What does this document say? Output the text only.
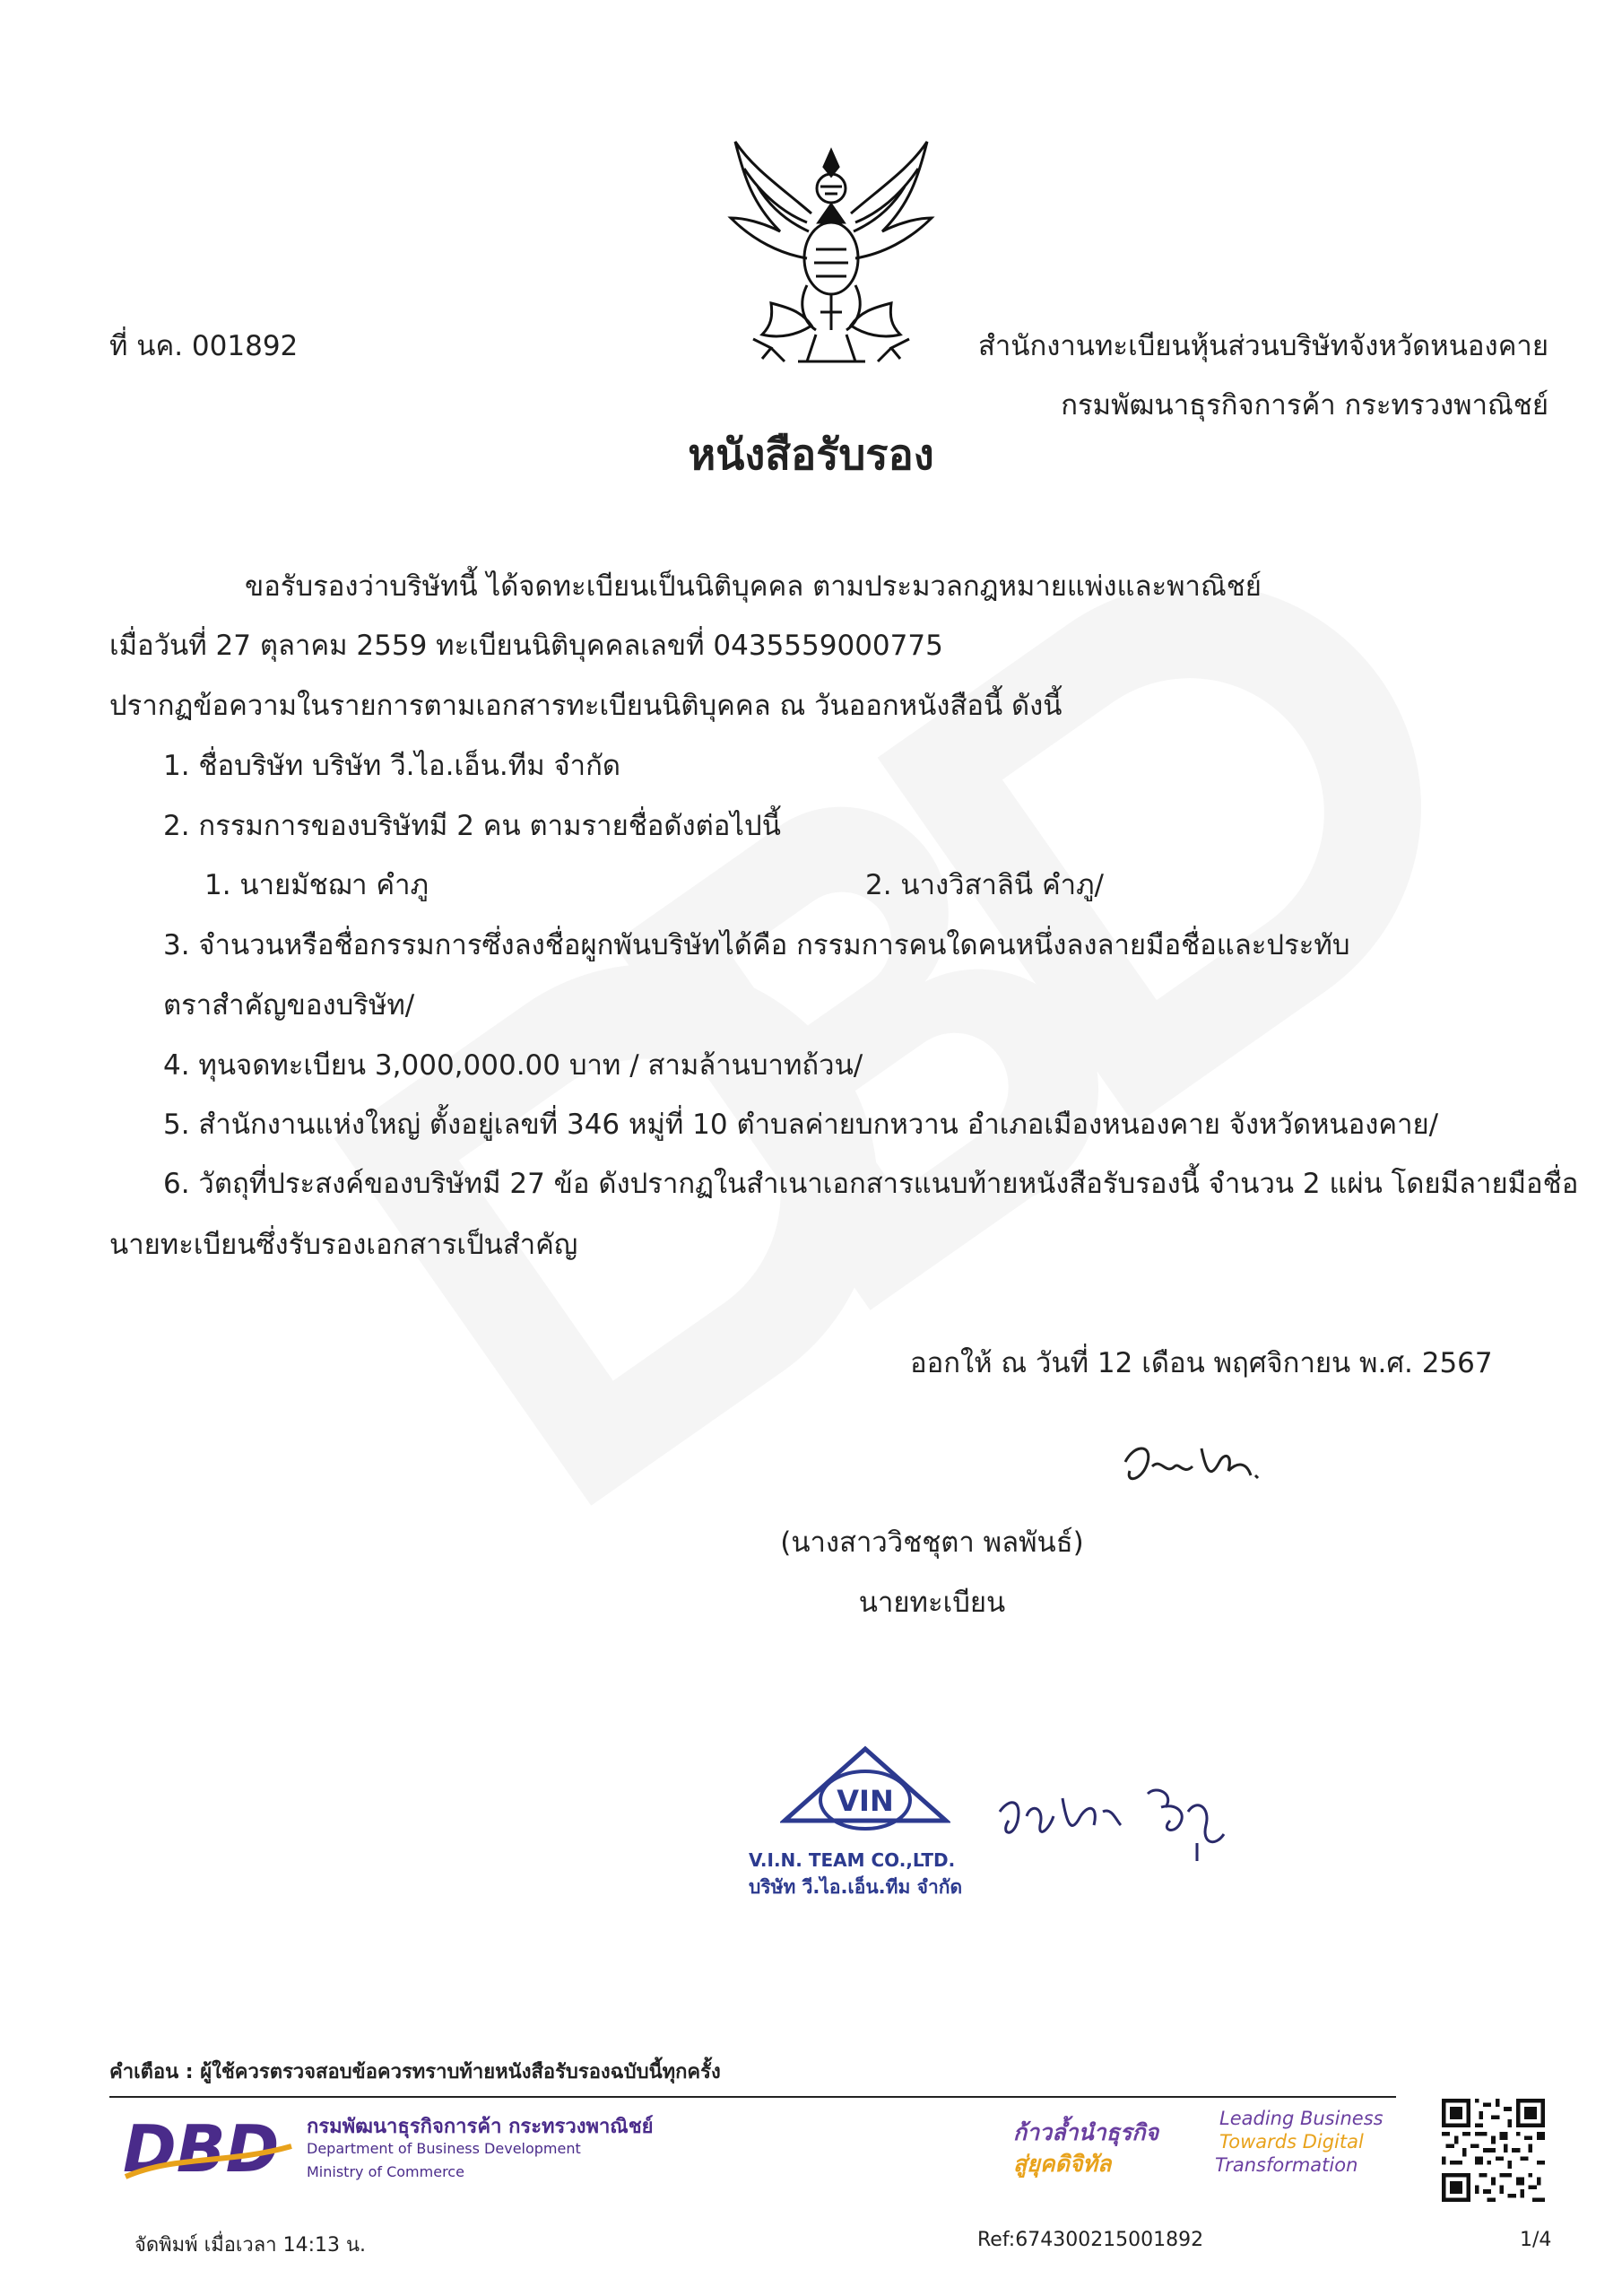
ที่ นค. 001892	สำนักงานทะเบียนหุ้นส่วนบริษัทจังหวัดหนองคาย
กรมพัฒนาธุรกิจการค้า กระทรวงพาณิชย์
หนังสือรับรอง
ขอรับรองว่าบริษัทนี้ ได้จดทะเบียนเป็นนิติบุคคล ตามประมวลกฎหมายแพ่งและพาณิชย์
เมื่อวันที่ 27 ตุลาคม 2559 ทะเบียนนิติบุคคลเลขที่ 0435559000775
ปรากฏข้อความในรายการตามเอกสารทะเบียนนิติบุคคล ณ วันออกหนังสือนี้ ดังนี้
1. ชื่อบริษัท บริษัท วี.ไอ.เอ็น.ทีม จำกัด
2. กรรมการของบริษัทมี 2 คน ตามรายชื่อดังต่อไปนี้
1. นายมัชฌา คำภู	2. นางวิสาลินี คำภู/
3. จำนวนหรือชื่อกรรมการซึ่งลงชื่อผูกพันบริษัทได้คือ กรรมการคนใดคนหนึ่งลงลายมือชื่อและประทับ
ตราสำคัญของบริษัท/
4. ทุนจดทะเบียน 3,000,000.00 บาท / สามล้านบาทถ้วน/
5. สำนักงานแห่งใหญ่ ตั้งอยู่เลขที่ 346 หมู่ที่ 10 ตำบลค่ายบกหวาน อำเภอเมืองหนองคาย จังหวัดหนองคาย/
6. วัตถุที่ประสงค์ของบริษัทมี 27 ข้อ ดังปรากฏในสำเนาเอกสารแนบท้ายหนังสือรับรองนี้ จำนวน 2 แผ่น โดยมีลายมือชื่อ
นายทะเบียนซึ่งรับรองเอกสารเป็นสำคัญ
ออกให้ ณ วันที่ 12 เดือน พฤศจิกายน พ.ศ. 2567
(นางสาววิชชุตา พลพันธ์)
นายทะเบียน
VIN
V.I.N. TEAM CO.,LTD.
บริษัท วี.ไอ.เอ็น.ทีม จำกัด
คำเตือน : ผู้ใช้ควรตรวจสอบข้อควรทราบท้ายหนังสือรับรองฉบับนี้ทุกครั้ง
DBD กรมพัฒนาธุรกิจการค้า กระทรวงพาณิชย์
Department of Business Development
Ministry of Commerce
ก้าวล้ำนำธุรกิจ
สู่ยุคดิจิทัล
Leading Business
Towards Digital
Transformation
จัดพิมพ์ เมื่อเวลา 14:13 น.	Ref:674300215001892	1/4
